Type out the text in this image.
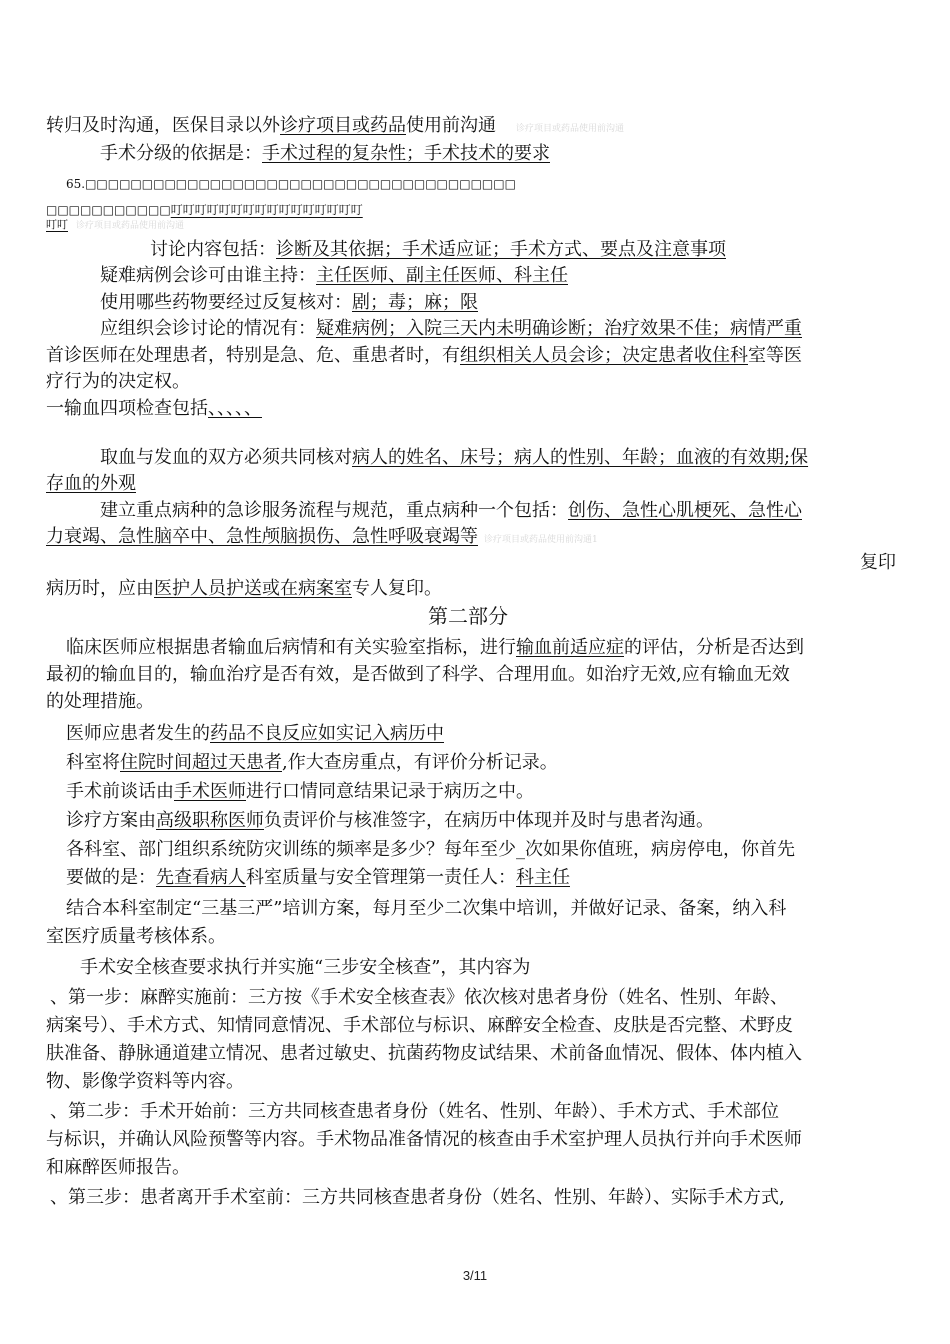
转归及时沟通，医保目录以外诊疗项目或药品使用前沟通 诊疗项目或药品使用前沟通
手术分级的依据是：手术过程的复杂性；手术技术的要求
65.□□□□□□□□□□□□□□□□□□□□□□□□□□□□□□□□□□□□□□
□□□□□□□□□□□叮叮叮叮叮叮叮叮叮叮叮叮叮叮叮叮
叮叮 诊疗项目或药品使用前沟通
讨论内容包括：诊断及其依据；手术适应证；手术方式、要点及注意事项
疑难病例会诊可由谁主持：主任医师、副主任医师、科主任
使用哪些药物要经过反复核对：剧；毒；麻；限
应组织会诊讨论的情况有：疑难病例；入院三天内未明确诊断；治疗效果不佳；病情严重
首诊医师在处理患者，特别是急、危、重患者时，有组织相关人员会诊；决定患者收住科室等医
疗行为的决定权。
一输血四项检查包括、、、、、
取血与发血的双方必须共同核对病人的姓名、床号；病人的性别、年龄；血液的有效期;保
存血的外观
建立重点病种的急诊服务流程与规范，重点病种一个包括：创伤、急性心肌梗死、急性心
力衰竭、急性脑卒中、急性颅脑损伤、急性呼吸衰竭等 诊疗项目或药品使用前沟通1
复印
病历时，应由医护人员护送或在病案室专人复印。
第二部分
临床医师应根据患者输血后病情和有关实验室指标，进行输血前适应症的评估，分析是否达到
最初的输血目的，输血治疗是否有效，是否做到了科学、合理用血。如治疗无效,应有输血无效
的处理措施。
医师应患者发生的药品不良反应如实记入病历中
科室将住院时间超过天患者,作大查房重点，有评价分析记录。
手术前谈话由手术医师进行口情同意结果记录于病历之中。
诊疗方案由高级职称医师负责评价与核准签字，在病历中体现并及时与患者沟通。
各科室、部门组织系统防灾训练的频率是多少？每年至少_次如果你值班，病房停电，你首先
要做的是：先查看病人科室质量与安全管理第一责任人：科主任
结合本科室制定“三基三严”培训方案，每月至少二次集中培训，并做好记录、备案，纳入科
室医疗质量考核体系。
手术安全核查要求执行并实施“三步安全核查”，其内容为
、第一步：麻醉实施前：三方按《手术安全核查表》依次核对患者身份（姓名、性别、年龄、
病案号）、手术方式、知情同意情况、手术部位与标识、麻醉安全检查、皮肤是否完整、术野皮
肤准备、静脉通道建立情况、患者过敏史、抗菌药物皮试结果、术前备血情况、假体、体内植入
物、影像学资料等内容。
、第二步：手术开始前：三方共同核查患者身份（姓名、性别、年龄）、手术方式、手术部位
与标识，并确认风险预警等内容。手术物品准备情况的核查由手术室护理人员执行并向手术医师
和麻醉医师报告。
、第三步：患者离开手术室前：三方共同核查患者身份（姓名、性别、年龄）、实际手术方式,
3/11
